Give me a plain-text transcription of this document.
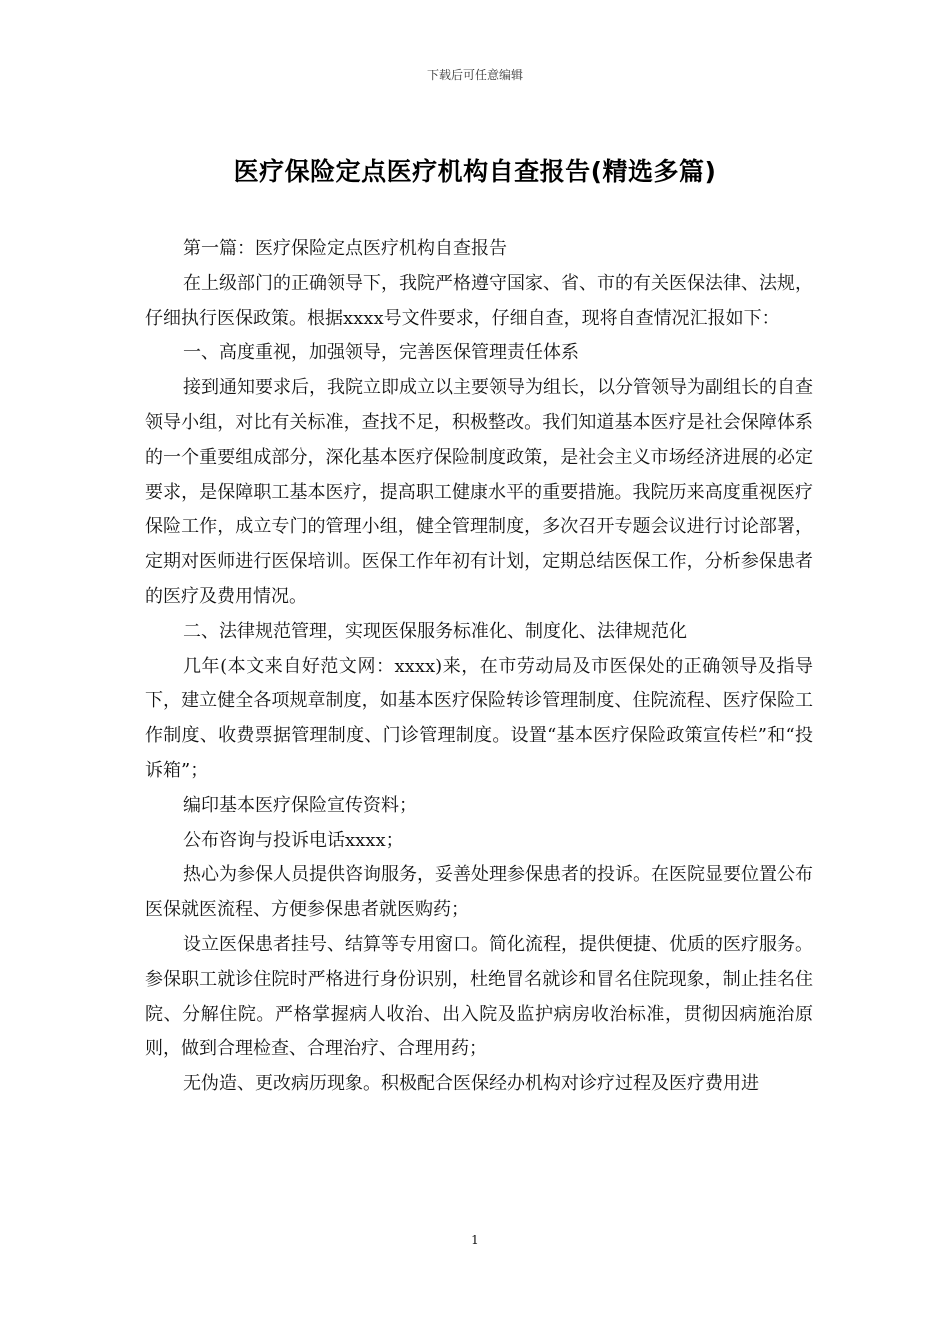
下载后可任意编辑
医疗保险定点医疗机构自查报告(精选多篇)

第一篇：医疗保险定点医疗机构自查报告

在上级部门的正确领导下，我院严格遵守国家、省、市的有关医保法律、法规，仔细执行医保政策。根据xxxx号文件要求，仔细自查，现将自查情况汇报如下：

一、高度重视，加强领导，完善医保管理责任体系

接到通知要求后，我院立即成立以主要领导为组长，以分管领导为副组长的自查领导小组，对比有关标准，查找不足，积极整改。我们知道基本医疗是社会保障体系的一个重要组成部分，深化基本医疗保险制度政策，是社会主义市场经济进展的必定要求，是保障职工基本医疗，提高职工健康水平的重要措施。我院历来高度重视医疗保险工作，成立专门的管理小组，健全管理制度，多次召开专题会议进行讨论部署，定期对医师进行医保培训。医保工作年初有计划，定期总结医保工作，分析参保患者的医疗及费用情况。

二、法律规范管理，实现医保服务标准化、制度化、法律规范化

几年(本文来自好范文网：xxxx)来，在市劳动局及市医保处的正确领导及指导下，建立健全各项规章制度，如基本医疗保险转诊管理制度、住院流程、医疗保险工作制度、收费票据管理制度、门诊管理制度。设置“基本医疗保险政策宣传栏”和“投诉箱”；

编印基本医疗保险宣传资料；

公布咨询与投诉电话xxxx；

热心为参保人员提供咨询服务，妥善处理参保患者的投诉。在医院显要位置公布医保就医流程、方便参保患者就医购药；

设立医保患者挂号、结算等专用窗口。简化流程，提供便捷、优质的医疗服务。参保职工就诊住院时严格进行身份识别，杜绝冒名就诊和冒名住院现象，制止挂名住院、分解住院。严格掌握病人收治、出入院及监护病房收治标准，贯彻因病施治原则，做到合理检查、合理治疗、合理用药；

无伪造、更改病历现象。积极配合医保经办机构对诊疗过程及医疗费用进

1
